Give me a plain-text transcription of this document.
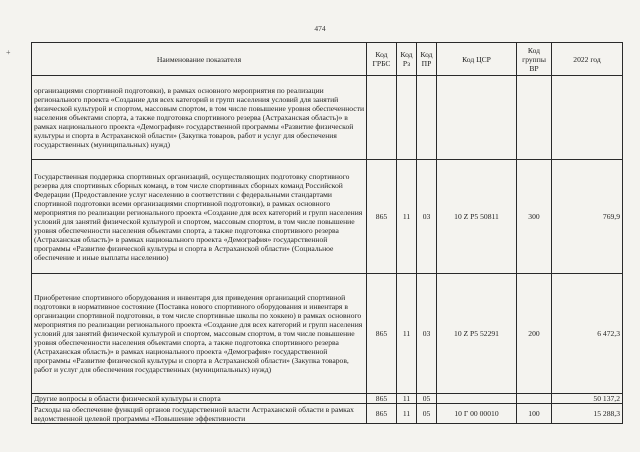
474
+
Наименование показателя	Код ГРБС	Код Рз	Код ПР	Код ЦСР	Код группы ВР	2022 год
организациями спортивной подготовки), в рамках основного мероприятия по реализации регионального проекта «Создание для всех категорий и групп населения условий для занятий физической культурой и спортом, массовым спортом, в том числе повышение уровня обеспеченности населения объектами спорта, а также подготовка спортивного резерва (Астраханская область)» в рамках национального проекта «Демография» государственной программы «Развитие физической культуры и спорта в Астраханской области» (Закупка товаров, работ и услуг для обеспечения государственных (муниципальных) нужд)						
Государственная поддержка спортивных организаций, осуществляющих подготовку спортивного резерва для спортивных сборных команд, в том числе спортивных сборных команд Российской Федерации (Предоставление услуг населению в соответствии с федеральными стандартами спортивной подготовки всеми организациями спортивной подготовки), в рамках основного мероприятия по реализации регионального проекта «Создание для всех категорий и групп населения условий для занятий физической культурой и спортом, массовым спортом, в том числе повышение уровня обеспеченности населения объектами спорта, а также подготовка спортивного резерва (Астраханская область)» в рамках национального проекта «Демография» государственной программы «Развитие физической культуры и спорта в Астраханской области» (Социальное обеспечение и иные выплаты населению)	865	11	03	10 Z P5 50811	300	769,9
Приобретение спортивного оборудования и инвентаря для приведения организаций спортивной подготовки в нормативное состояние (Поставка нового спортивного оборудования и инвентаря в организации спортивной подготовки, в том числе спортивные школы по хоккею) в рамках основного мероприятия по реализации регионального проекта «Создание для всех категорий и групп населения условий для занятий физической культурой и спортом, массовым спортом, в том числе повышение уровня обеспеченности населения объектами спорта, а также подготовка спортивного резерва (Астраханская область)» в рамках национального проекта «Демография» государственной программы «Развитие физической культуры и спорта в Астраханской области» (Закупка товаров, работ и услуг для обеспечения государственных (муниципальных) нужд)	865	11	03	10 Z P5 52291	200	6 472,3
Другие вопросы в области физической культуры и спорта	865	11	05			50 137,2
Расходы на обеспечение функций органов государственной власти Астраханской области в рамках ведомственной целевой программы «Повышение эффективности	865	11	05	10 Г 00 00010	100	15 288,3
